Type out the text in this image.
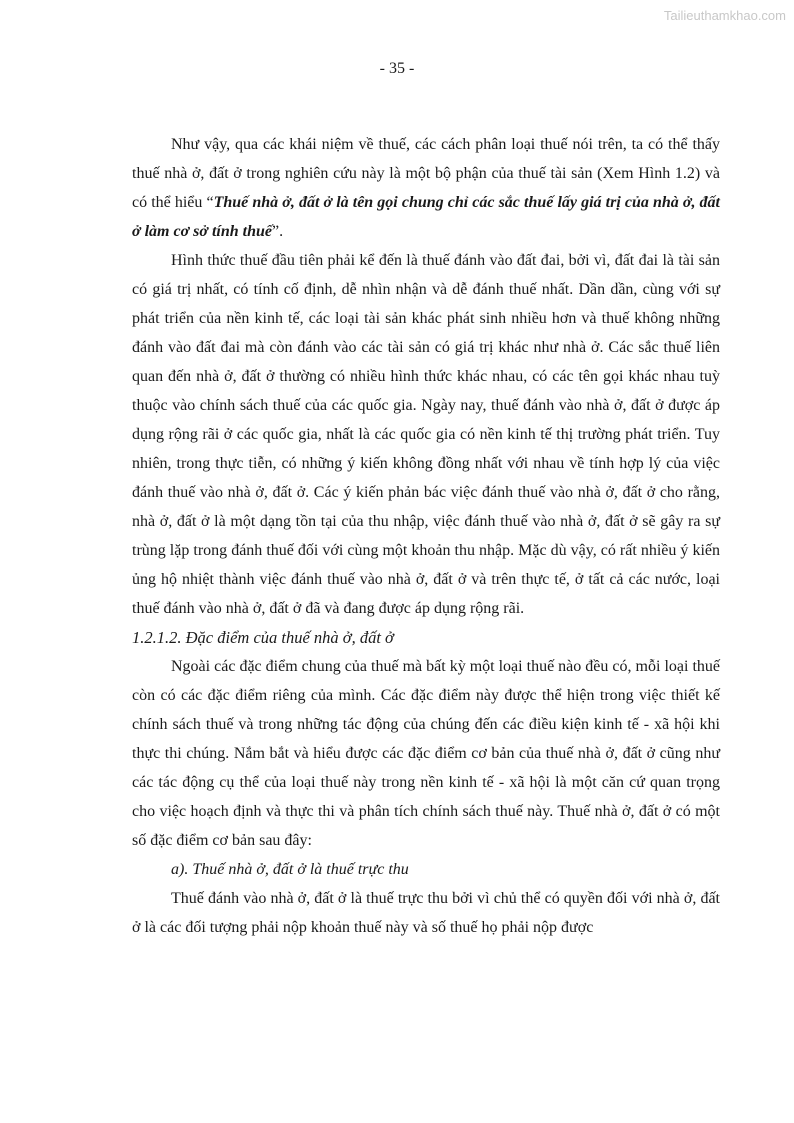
Tailieuthamkhao.com
- 35 -

Như vậy, qua các khái niệm về thuế, các cách phân loại thuế nói trên, ta có thể thấy thuế nhà ở, đất ở trong nghiên cứu này là một bộ phận của thuế tài sản (Xem Hình 1.2) và có thể hiểu “Thuế nhà ở, đất ở là tên gọi chung chỉ các sắc thuế lấy giá trị của nhà ở, đất ở làm cơ sở tính thuế”.

Hình thức thuế đầu tiên phải kể đến là thuế đánh vào đất đai, bởi vì, đất đai là tài sản có giá trị nhất, có tính cố định, dễ nhìn nhận và dễ đánh thuế nhất. Dần dần, cùng với sự phát triển của nền kinh tế, các loại tài sản khác phát sinh nhiều hơn và thuế không những đánh vào đất đai mà còn đánh vào các tài sản có giá trị khác như nhà ở. Các sắc thuế liên quan đến nhà ở, đất ở thường có nhiều hình thức khác nhau, có các tên gọi khác nhau tuỳ thuộc vào chính sách thuế của các quốc gia. Ngày nay, thuế đánh vào nhà ở, đất ở được áp dụng rộng rãi ở các quốc gia, nhất là các quốc gia có nền kinh tế thị trường phát triển. Tuy nhiên, trong thực tiễn, có những ý kiến không đồng nhất với nhau về tính hợp lý của việc đánh thuế vào nhà ở, đất ở. Các ý kiến phản bác việc đánh thuế vào nhà ở, đất ở cho rằng, nhà ở, đất ở là một dạng tồn tại của thu nhập, việc đánh thuế vào nhà ở, đất ở sẽ gây ra sự trùng lặp trong đánh thuế đối với cùng một khoản thu nhập. Mặc dù vậy, có rất nhiều ý kiến ủng hộ nhiệt thành việc đánh thuế vào nhà ở, đất ở và trên thực tế, ở tất cả các nước, loại thuế đánh vào nhà ở, đất ở đã và đang được áp dụng rộng rãi.

1.2.1.2. Đặc điểm của thuế nhà ở, đất ở

Ngoài các đặc điểm chung của thuế mà bất kỳ một loại thuế nào đều có, mỗi loại thuế còn có các đặc điểm riêng của mình. Các đặc điểm này được thể hiện trong việc thiết kế chính sách thuế và trong những tác động của chúng đến các điều kiện kinh tế - xã hội khi thực thi chúng. Nắm bắt và hiểu được các đặc điểm cơ bản của thuế nhà ở, đất ở cũng như các tác động cụ thể của loại thuế này trong nền kinh tế - xã hội là một căn cứ quan trọng cho việc hoạch định và thực thi và phân tích chính sách thuế này. Thuế nhà ở, đất ở có một số đặc điểm cơ bản sau đây:

a). Thuế nhà ở, đất ở là thuế trực thu

Thuế đánh vào nhà ở, đất ở là thuế trực thu bởi vì chủ thể có quyền đối với nhà ở, đất ở là các đối tượng phải nộp khoản thuế này và số thuế họ phải nộp được
